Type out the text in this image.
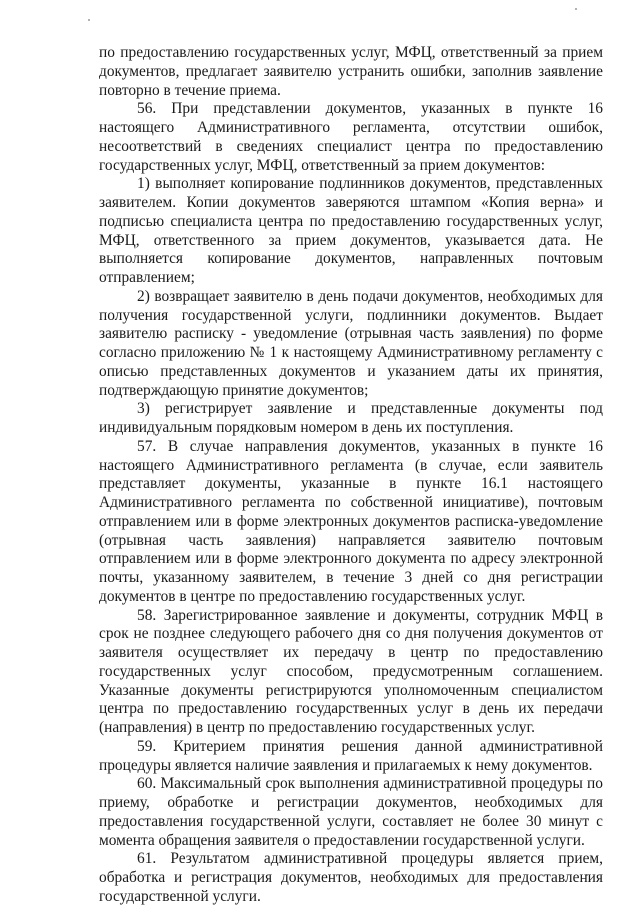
по предоставлению государственных услуг, МФЦ, ответственный за прием документов, предлагает заявителю устранить ошибки, заполнив заявление повторно в течение приема.

56. При представлении документов, указанных в пункте 16 настоящего Административного регламента, отсутствии ошибок, несоответствий в сведениях специалист центра по предоставлению государственных услуг, МФЦ, ответственный за прием документов:

1) выполняет копирование подлинников документов, представленных заявителем. Копии документов заверяются штампом «Копия верна» и подписью специалиста центра по предоставлению государственных услуг, МФЦ, ответственного за прием документов, указывается дата. Не выполняется копирование документов, направленных почтовым отправлением;

2) возвращает заявителю в день подачи документов, необходимых для получения государственной услуги, подлинники документов. Выдает заявителю расписку - уведомление (отрывная часть заявления) по форме согласно приложению № 1 к настоящему Административному регламенту с описью представленных документов и указанием даты их принятия, подтверждающую принятие документов;

3) регистрирует заявление и представленные документы под индивидуальным порядковым номером в день их поступления.

57. В случае направления документов, указанных в пункте 16 настоящего Административного регламента (в случае, если заявитель представляет документы, указанные в пункте 16.1 настоящего Административного регламента по собственной инициативе), почтовым отправлением или в форме электронных документов расписка-уведомление (отрывная часть заявления) направляется заявителю почтовым отправлением или в форме электронного документа по адресу электронной почты, указанному заявителем, в течение 3 дней со дня регистрации документов в центре по предоставлению государственных услуг.

58. Зарегистрированное заявление и документы, сотрудник МФЦ в срок не позднее следующего рабочего дня со дня получения документов от заявителя осуществляет их передачу в центр по предоставлению государственных услуг способом, предусмотренным соглашением. Указанные документы регистрируются уполномоченным специалистом центра по предоставлению государственных услуг в день их передачи (направления) в центр по предоставлению государственных услуг.

59. Критерием принятия решения данной административной процедуры является наличие заявления и прилагаемых к нему документов.

60. Максимальный срок выполнения административной процедуры по приему, обработке и регистрации документов, необходимых для предоставления государственной услуги, составляет не более 30 минут с момента обращения заявителя о предоставлении государственной услуги.

61. Результатом административной процедуры является прием, обработка и регистрация документов, необходимых для предоставления государственной услуги.
